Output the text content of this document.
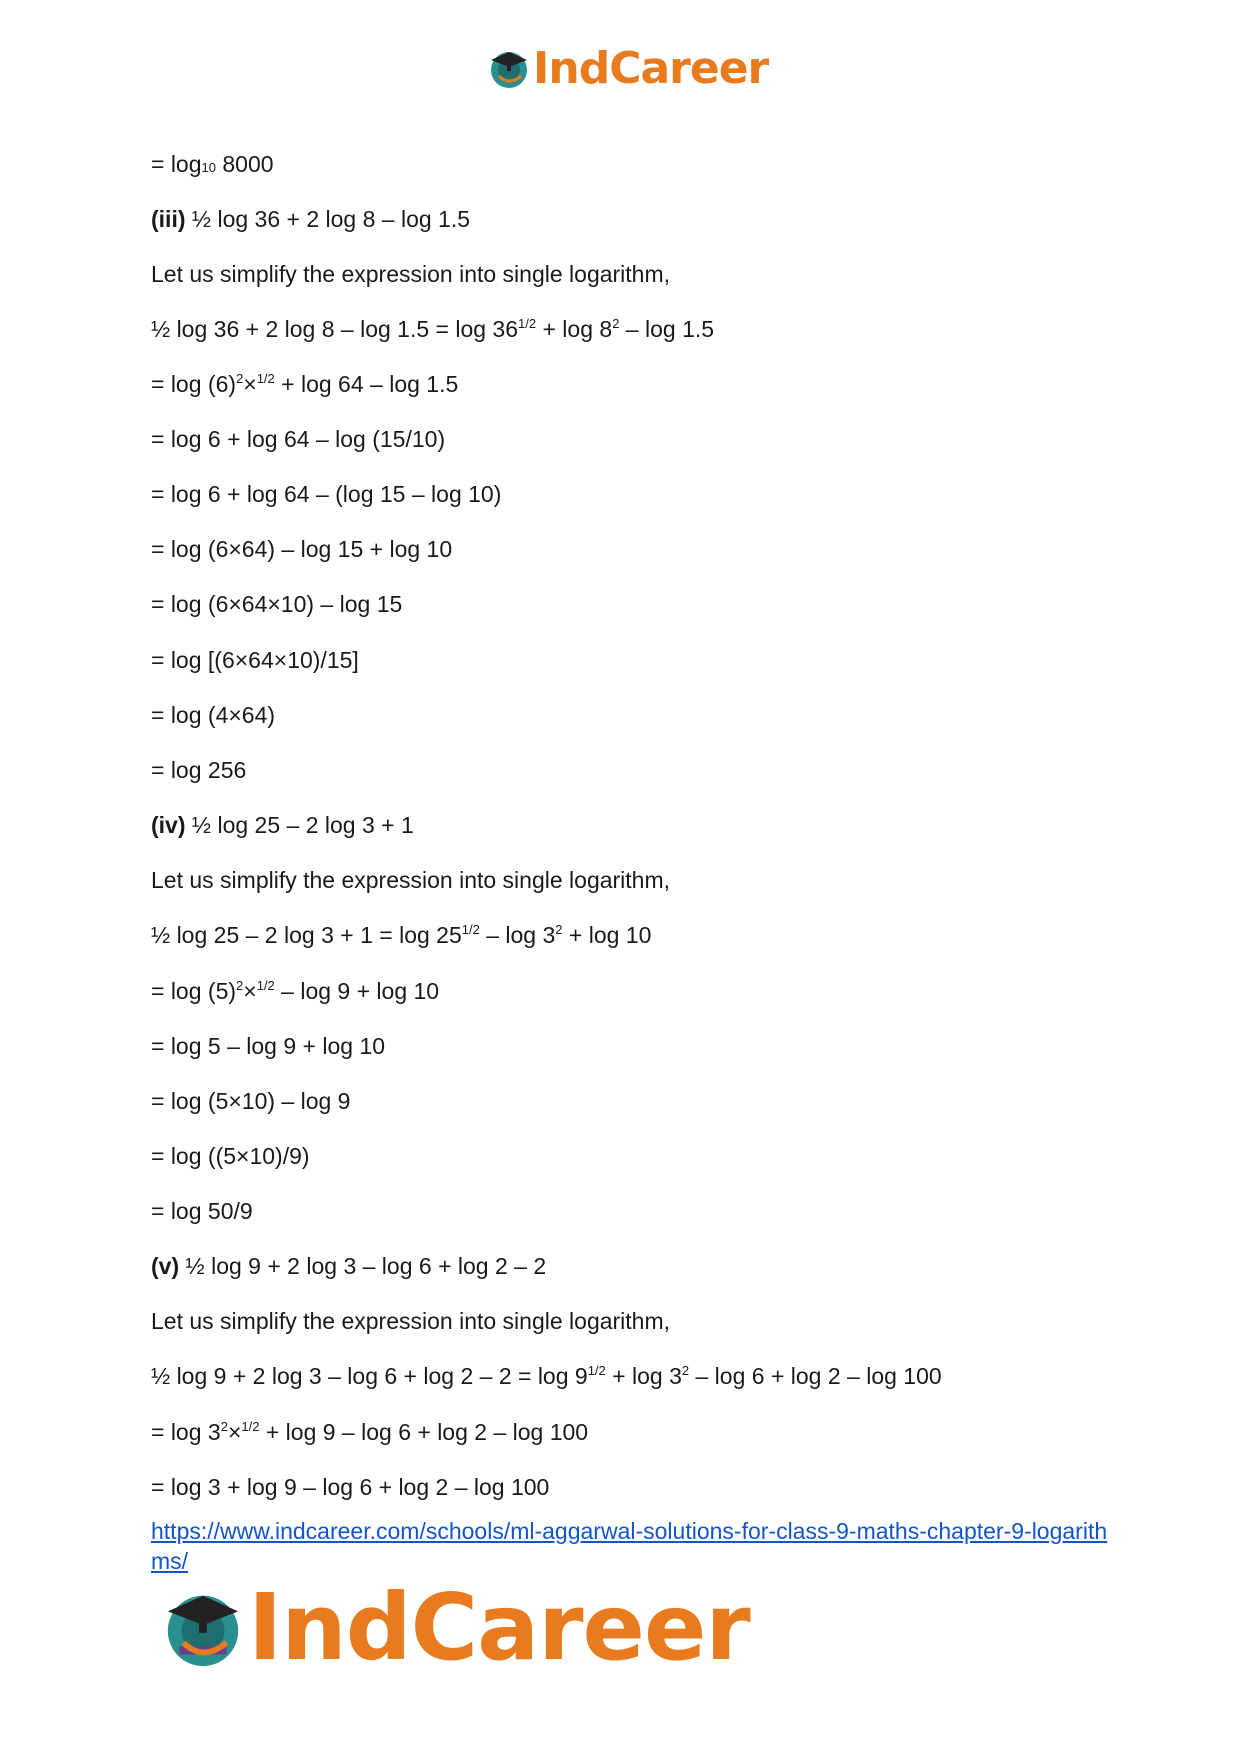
IndCareer
= $\log_{10} 8000$
(iii) ½ log 36 + 2 log 8 – log 1.5
Let us simplify the expression into single logarithm,
½ log 36 + 2 $\log 8 - \log 1.5 = \log 36^{1/2} + \log 8^2 - \log 1.5$
= $\log (6)^2\times^{1/2} + \log 64 - \log 1.5$
= log 6 + log 64 – log (15/10)
= log 6 + log 64 – (log 15 – log 10)
= log (6×64) – log 15 + log 10
= log (6×64×10) – log 15
= log [(6×64×10)/15]
= log (4×64)
= log 256
(iv) ½ log 25 – 2 log 3 + 1
Let us simplify the expression into single logarithm,
½ log 25 – 2 $\log 3 + 1 = \log 25^{1/2} - \log 3^2 + \log 10$
= $\log (5)^2\times^{1/2} - \log 9 + \log 10$
= log 5 – log 9 + log 10
= log (5×10) – log 9
= log ((5×10)/9)
= log 50/9
(v) ½ log 9 + 2 log 3 – log 6 + log 2 – 2
Let us simplify the expression into single logarithm,
½ log 9 + 2 $\log 3 - \log 6 + \log 2 - 2 = \log 9^{1/2} + \log 3^2 - \log 6 + \log 2 - \log 100$
= $\log 3^2\times^{1/2} + \log 9 - \log 6 + \log 2 - \log 100$
= log 3 + log 9 – log 6 + log 2 – log 100
https://www.indcareer.com/schools/ml-aggarwal-solutions-for-class-9-maths-chapter-9-logarithms/
IndCareer
